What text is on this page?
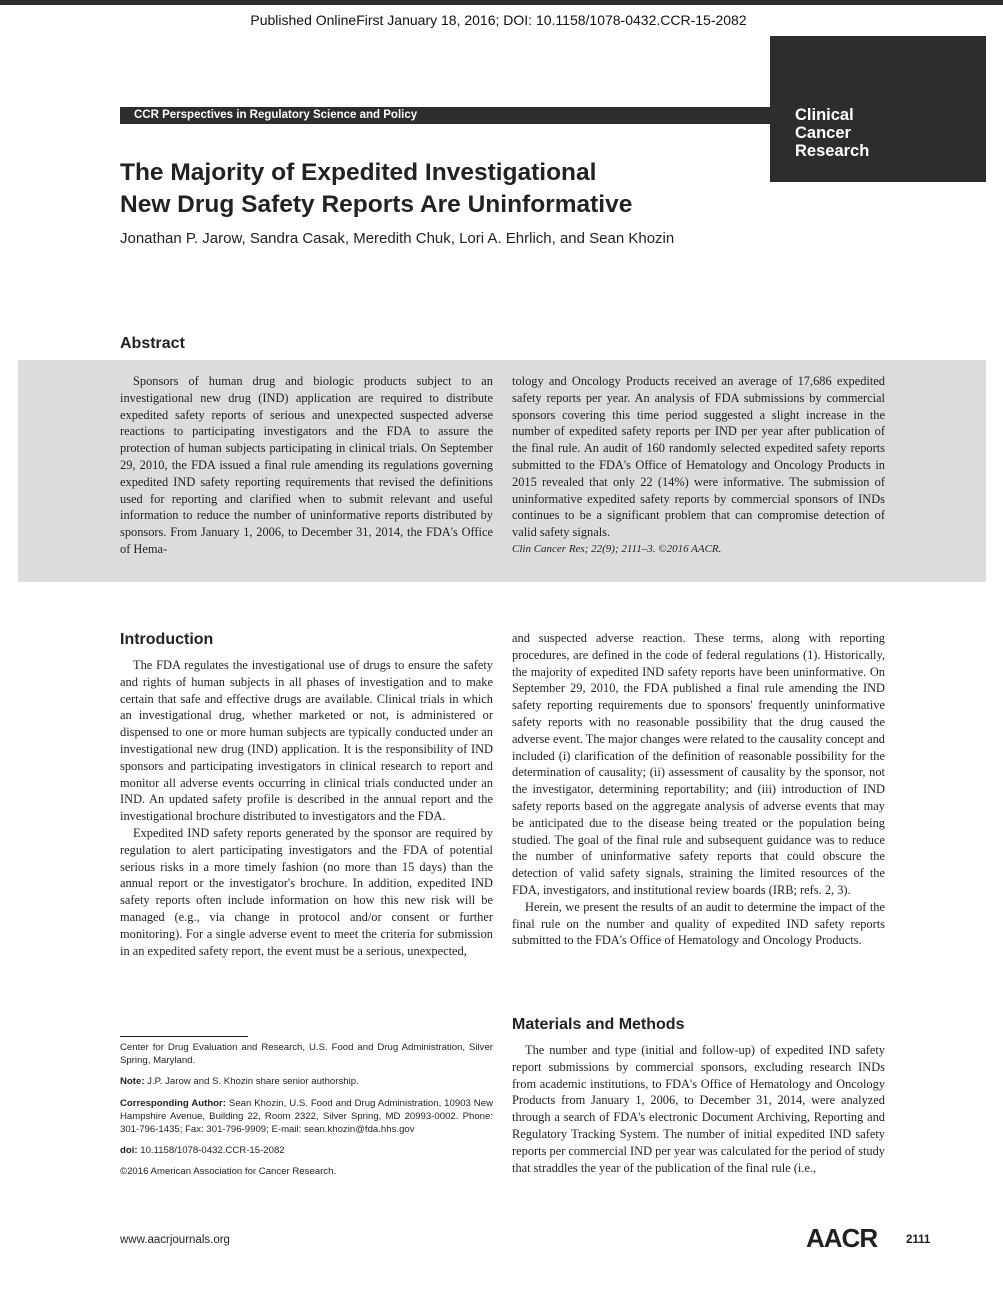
Published OnlineFirst January 18, 2016; DOI: 10.1158/1078-0432.CCR-15-2082
Clinical
Cancer
Research
CCR Perspectives in Regulatory Science and Policy
The Majority of Expedited Investigational
New Drug Safety Reports Are Uninformative
Jonathan P. Jarow, Sandra Casak, Meredith Chuk, Lori A. Ehrlich, and Sean Khozin
Abstract

Sponsors of human drug and biologic products subject to an investigational new drug (IND) application are required to distribute expedited safety reports of serious and unexpected suspected adverse reactions to participating investigators and the FDA to assure the protection of human subjects participating in clinical trials. On September 29, 2010, the FDA issued a final rule amending its regulations governing expedited IND safety reporting requirements that revised the definitions used for reporting and clarified when to submit relevant and useful information to reduce the number of uninformative reports distributed by sponsors. From January 1, 2006, to December 31, 2014, the FDA's Office of Hema-

tology and Oncology Products received an average of 17,686 expedited safety reports per year. An analysis of FDA submissions by commercial sponsors covering this time period suggested a slight increase in the number of expedited safety reports per IND per year after publication of the final rule. An audit of 160 randomly selected expedited safety reports submitted to the FDA's Office of Hematology and Oncology Products in 2015 revealed that only 22 (14%) were informative. The submission of uninformative expedited safety reports by commercial sponsors of INDs continues to be a significant problem that can compromise detection of valid safety signals.

Clin Cancer Res; 22(9); 2111–3. ©2016 AACR.
Introduction

The FDA regulates the investigational use of drugs to ensure the safety and rights of human subjects in all phases of investigation and to make certain that safe and effective drugs are available. Clinical trials in which an investigational drug, whether marketed or not, is administered or dispensed to one or more human subjects are typically conducted under an investigational new drug (IND) application. It is the responsibility of IND sponsors and participating investigators in clinical research to report and monitor all adverse events occurring in clinical trials conducted under an IND. An updated safety profile is described in the annual report and the investigational brochure distributed to investigators and the FDA.

Expedited IND safety reports generated by the sponsor are required by regulation to alert participating investigators and the FDA of potential serious risks in a more timely fashion (no more than 15 days) than the annual report or the investigator's brochure. In addition, expedited IND safety reports often include information on how this new risk will be managed (e.g., via change in protocol and/or consent or further monitoring). For a single adverse event to meet the criteria for submission in an expedited safety report, the event must be a serious, unexpected,

and suspected adverse reaction. These terms, along with reporting procedures, are defined in the code of federal regulations (1). Historically, the majority of expedited IND safety reports have been uninformative. On September 29, 2010, the FDA published a final rule amending the IND safety reporting requirements due to sponsors' frequently uninformative safety reports with no reasonable possibility that the drug caused the adverse event. The major changes were related to the causality concept and included (i) clarification of the definition of reasonable possibility for the determination of causality; (ii) assessment of causality by the sponsor, not the investigator, determining reportability; and (iii) introduction of IND safety reports based on the aggregate analysis of adverse events that may be anticipated due to the disease being treated or the population being studied. The goal of the final rule and subsequent guidance was to reduce the number of uninformative safety reports that could obscure the detection of valid safety signals, straining the limited resources of the FDA, investigators, and institutional review boards (IRB; refs. 2, 3).

Herein, we present the results of an audit to determine the impact of the final rule on the number and quality of expedited IND safety reports submitted to the FDA's Office of Hematology and Oncology Products.

Materials and Methods

The number and type (initial and follow-up) of expedited IND safety report submissions by commercial sponsors, excluding research INDs from academic institutions, to FDA's Office of Hematology and Oncology Products from January 1, 2006, to December 31, 2014, were analyzed through a search of FDA's electronic Document Archiving, Reporting and Regulatory Tracking System. The number of initial expedited IND safety reports per commercial IND per year was calculated for the period of study that straddles the year of the publication of the final rule (i.e.,

Center for Drug Evaluation and Research, U.S. Food and Drug Administration, Silver Spring, Maryland.

Note: J.P. Jarow and S. Khozin share senior authorship.

Corresponding Author: Sean Khozin, U.S. Food and Drug Administration, 10903 New Hampshire Avenue, Building 22, Room 2322, Silver Spring, MD 20993-0002. Phone: 301-796-1435; Fax: 301-796-9909; E-mail: sean.khozin@fda.hhs.gov

doi: 10.1158/1078-0432.CCR-15-2082

©2016 American Association for Cancer Research.

www.aacrjournals.org	AACR	2111
